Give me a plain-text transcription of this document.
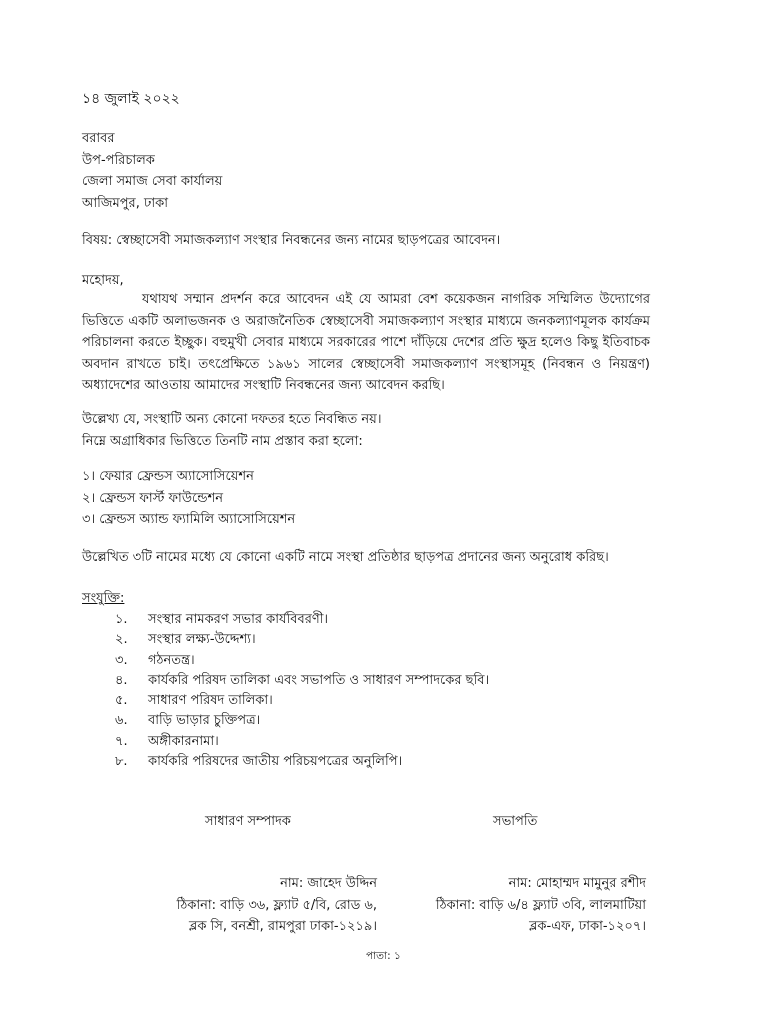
১৪ জুলাই ২০২২
বরাবর
উপ-পরিচালক
জেলা সমাজ সেবা কার্যালয়
আজিমপুর, ঢাকা
বিষয়: স্বেচ্ছাসেবী সমাজকল্যাণ সংস্থার নিবন্ধনের জন্য নামের ছাড়পত্রের আবেদন।
মহোদয়,
যথাযথ সম্মান প্রদর্শন করে আবেদন এই যে আমরা বেশ কয়েকজন নাগরিক সম্মিলিত উদ্যোগের ভিত্তিতে একটি অলাভজনক ও অরাজনৈতিক স্বেচ্ছাসেবী সমাজকল্যাণ সংস্থার মাধ্যমে জনকল্যাণমূলক কার্যক্রম পরিচালনা করতে ইচ্ছুক। বহুমুখী সেবার মাধ্যমে সরকারের পাশে দাঁড়িয়ে দেশের প্রতি ক্ষুদ্র হলেও কিছু ইতিবাচক অবদান রাখতে চাই। তৎপ্রেক্ষিতে ১৯৬১ সালের স্বেচ্ছাসেবী সমাজকল্যাণ সংস্থাসমূহ (নিবন্ধন ও নিয়ন্ত্রণ) অধ্যাদেশের আওতায় আমাদের সংস্থাটি নিবন্ধনের জন্য আবেদন করছি।
উল্লেখ্য যে, সংস্থাটি অন্য কোনো দফতর হতে নিবন্ধিত নয়।
নিম্নে অগ্রাধিকার ভিত্তিতে তিনটি নাম প্রস্তাব করা হলো:
১। ফেয়ার ফ্রেন্ডস অ্যাসোসিয়েশন
২। ফ্রেন্ডস ফার্স্ট ফাউন্ডেশন
৩। ফ্রেন্ডস অ্যান্ড ফ্যামিলি অ্যাসোসিয়েশন
উল্লেখিত ৩টি নামের মধ্যে যে কোনো একটি নামে সংস্থা প্রতিষ্ঠার ছাড়পত্র প্রদানের জন্য অনুরোধ করিছ।
সংযুক্তি:
১. সংস্থার নামকরণ সভার কার্যবিবরণী।
২. সংস্থার লক্ষ্য-উদ্দেশ্য।
৩. গঠনতন্ত্র।
৪. কার্যকরি পরিষদ তালিকা এবং সভাপতি ও সাধারণ সম্পাদকের ছবি।
৫. সাধারণ পরিষদ তালিকা।
৬. বাড়ি ভাড়ার চুক্তিপত্র।
৭. অঙ্গীকারনামা।
৮. কার্যকরি পরিষদের জাতীয় পরিচয়পত্রের অনুলিপি।
সাধারণ সম্পাদক	সভাপতি
নাম: জাহেদ উদ্দিন
ঠিকানা: বাড়ি ৩৬, ফ্ল্যাট ৫/বি, রোড ৬,
ব্লক সি, বনশ্রী, রামপুরা ঢাকা-১২১৯।
নাম: মোহাম্মদ মামুনুর রশীদ
ঠিকানা: বাড়ি ৬/৪ ফ্ল্যাট ৩বি, লালমাটিয়া
ব্লক-এফ, ঢাকা-১২০৭।
পাতা: ১
